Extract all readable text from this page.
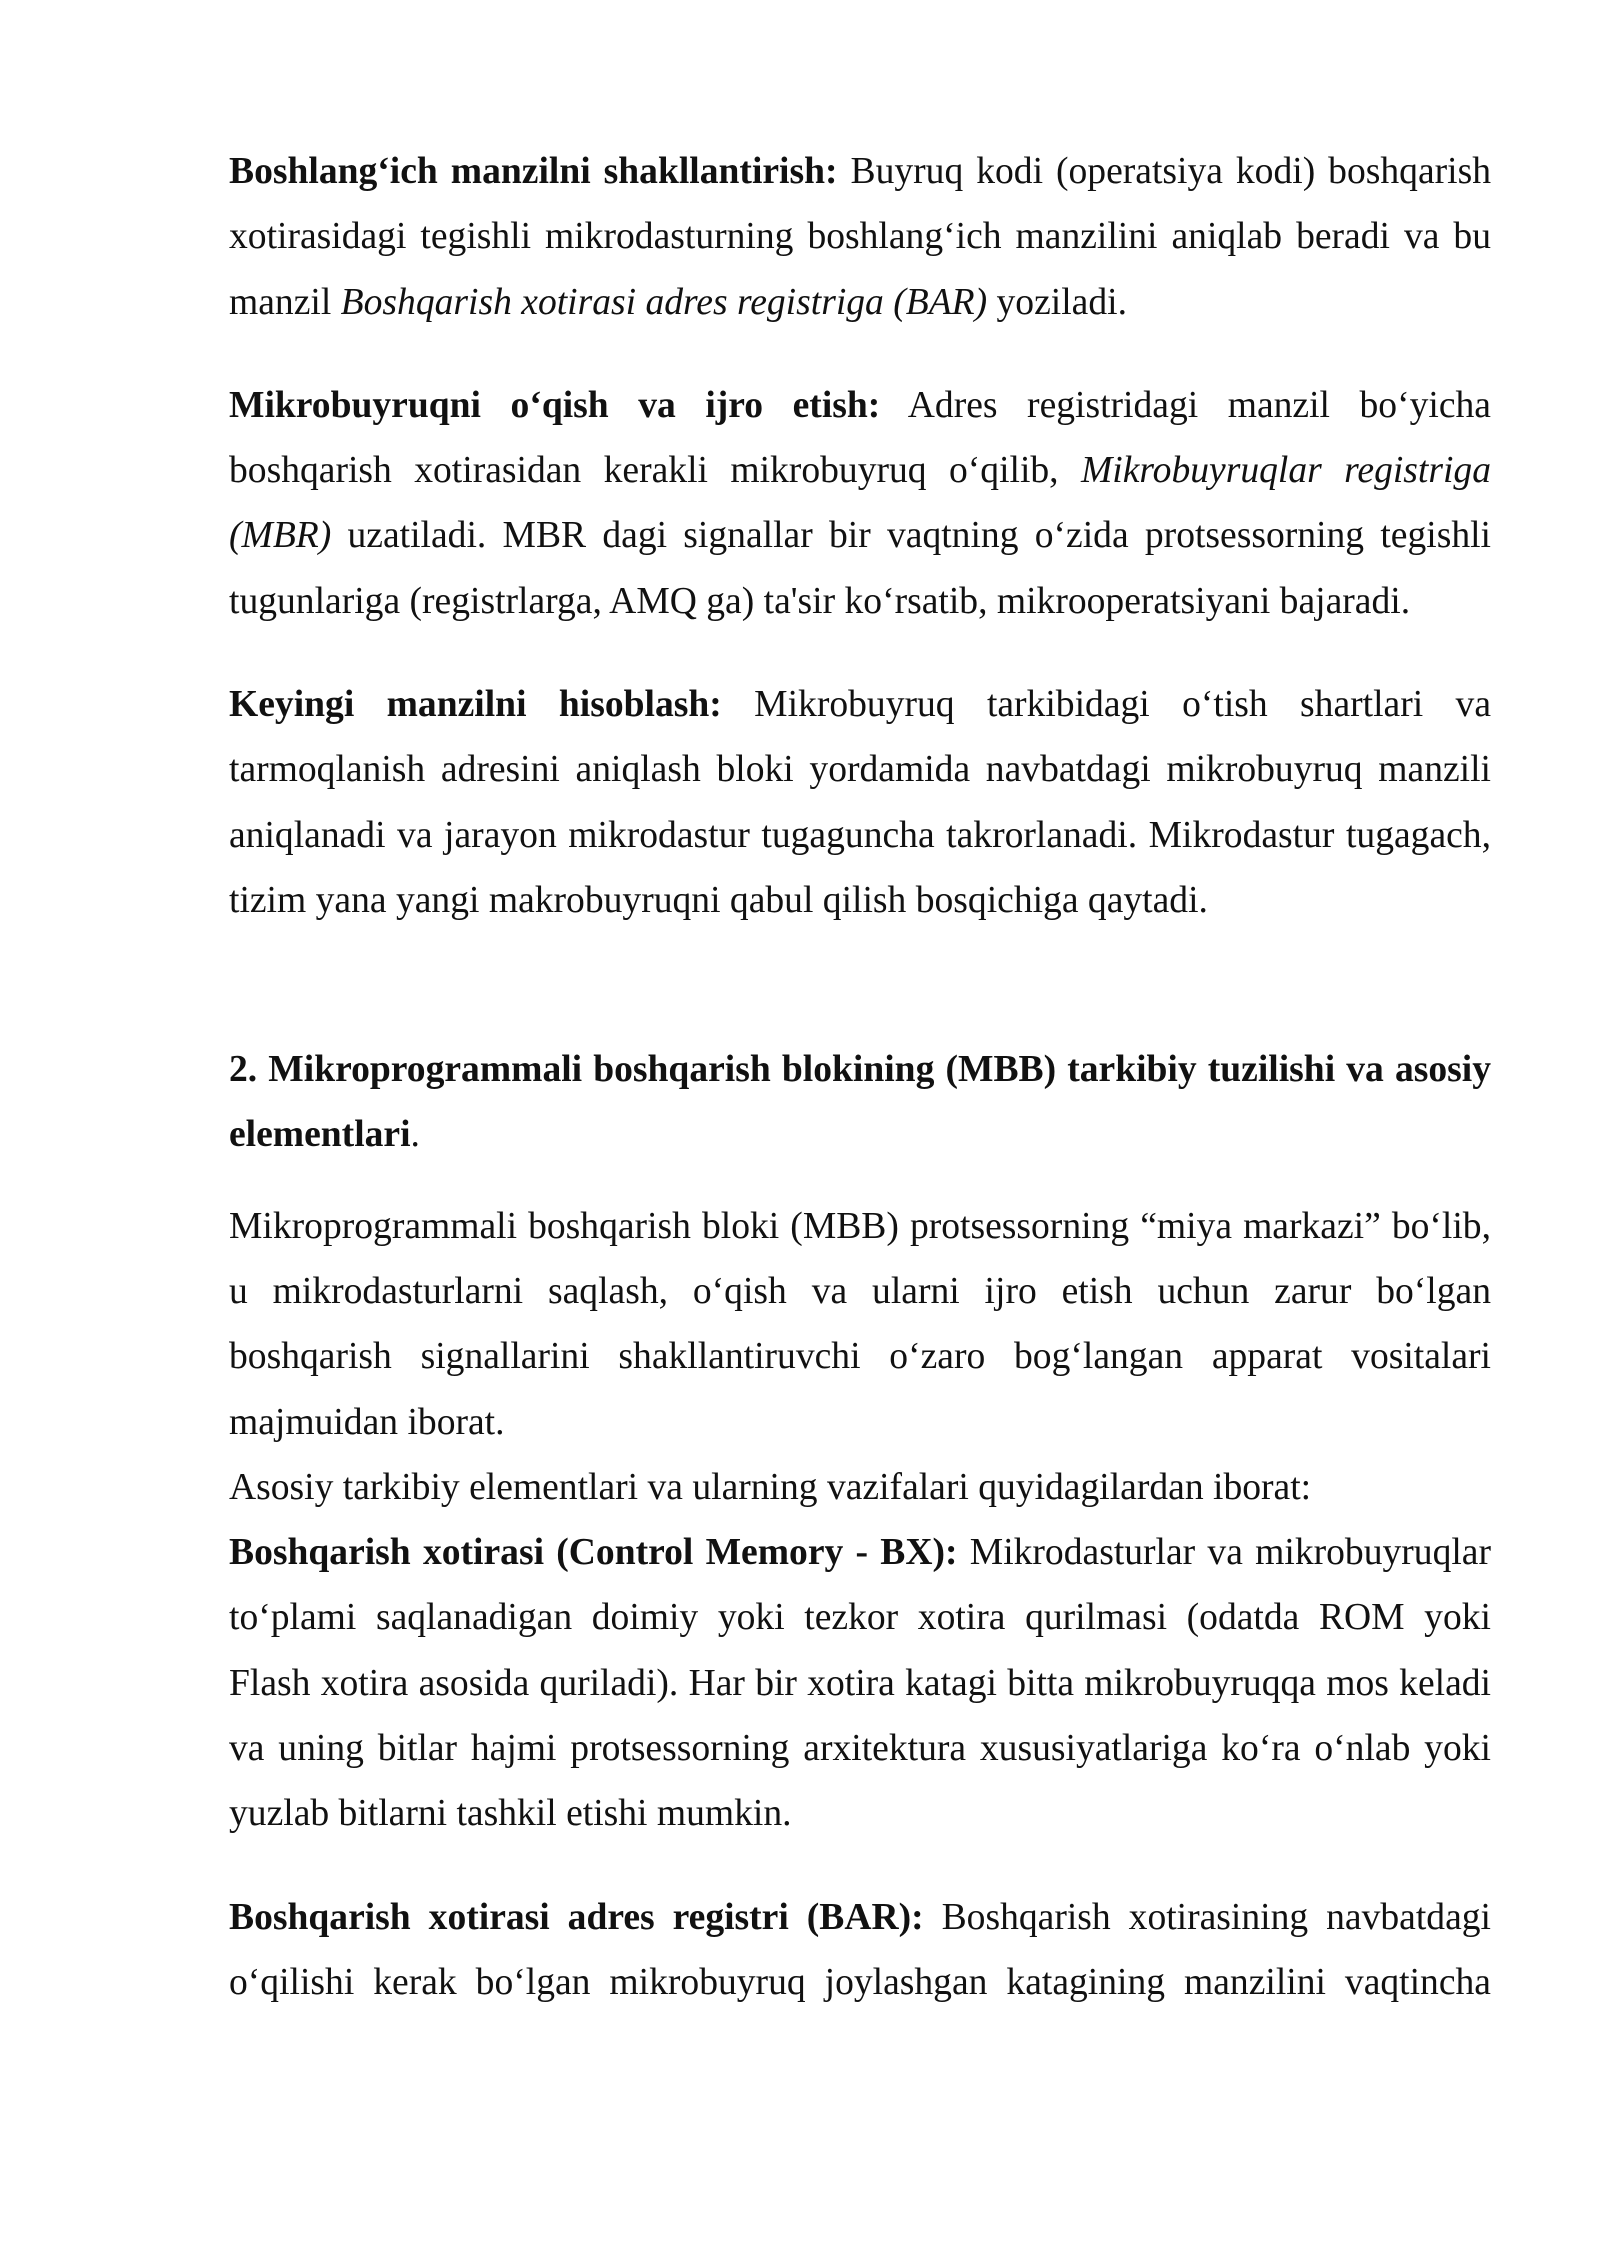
Boshlang‘ich manzilni shakllantirish: Buyruq kodi (operatsiya kodi) boshqarish
xotirasidagi tegishli mikrodasturning boshlang‘ich manzilini aniqlab beradi va bu
manzil Boshqarish xotirasi adres registriga (BAR) yoziladi.
Mikrobuyruqni o‘qish va ijro etish: Adres registridagi manzil bo‘yicha
boshqarish xotirasidan kerakli mikrobuyruq o‘qilib, Mikrobuyruqlar registriga
(MBR) uzatiladi. MBR dagi signallar bir vaqtning o‘zida protsessorning tegishli
tugunlariga (registrlarga, AMQ ga) ta'sir ko‘rsatib, mikrooperatsiyani bajaradi.
Keyingi manzilni hisoblash: Mikrobuyruq tarkibidagi o‘tish shartlari va
tarmoqlanish adresini aniqlash bloki yordamida navbatdagi mikrobuyruq manzili
aniqlanadi va jarayon mikrodastur tugaguncha takrorlanadi. Mikrodastur tugagach,
tizim yana yangi makrobuyruqni qabul qilish bosqichiga qaytadi.
2. Mikroprogrammali boshqarish blokining (MBB) tarkibiy tuzilishi va asosiy
elementlari.
Mikroprogrammali boshqarish bloki (MBB) protsessorning “miya markazi” bo‘lib,
u mikrodasturlarni saqlash, o‘qish va ularni ijro etish uchun zarur bo‘lgan
boshqarish signallarini shakllantiruvchi o‘zaro bog‘langan apparat vositalari
majmuidan iborat.
Asosiy tarkibiy elementlari va ularning vazifalari quyidagilardan iborat:
Boshqarish xotirasi (Control Memory - BX): Mikrodasturlar va mikrobuyruqlar
to‘plami saqlanadigan doimiy yoki tezkor xotira qurilmasi (odatda ROM yoki
Flash xotira asosida quriladi). Har bir xotira katagi bitta mikrobuyruqqa mos keladi
va uning bitlar hajmi protsessorning arxitektura xususiyatlariga ko‘ra o‘nlab yoki
yuzlab bitlarni tashkil etishi mumkin.
Boshqarish xotirasi adres registri (BAR): Boshqarish xotirasining navbatdagi
o‘qilishi kerak bo‘lgan mikrobuyruq joylashgan katagining manzilini vaqtincha
